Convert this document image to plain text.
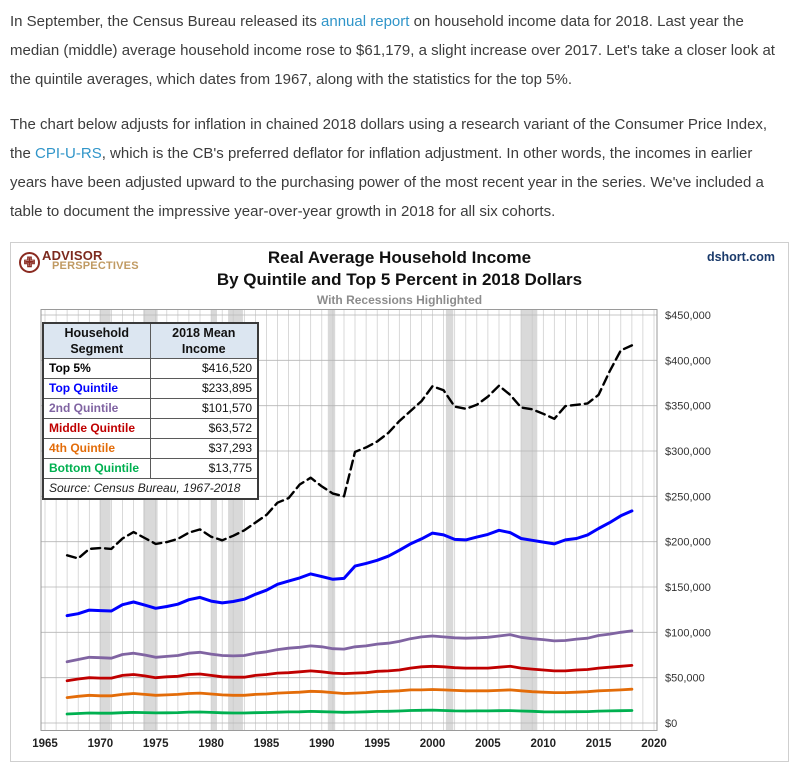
In September, the Census Bureau released its annual report on household income data for 2018. Last year the median (middle) average household income rose to $61,179, a slight increase over 2017. Let's take a closer look at the quintile averages, which dates from 1967, along with the statistics for the top 5%.

The chart below adjusts for inflation in chained 2018 dollars using a research variant of the Consumer Price Index, the CPI-U-RS, which is the CB's preferred deflator for inflation adjustment. In other words, the incomes in earlier years have been adjusted upward to the purchasing power of the most recent year in the series. We've included a table to document the impressive year-over-year growth in 2018 for all six cohorts.

✙ ADVISOR
PERSPECTIVES
dshort.com
Real Average Household Income
By Quintile and Top 5 Percent in 2018 Dollars
With Recessions Highlighted
$0
$50,000
$100,000
$150,000
$200,000
$250,000
$300,000
$350,000
$400,000
$450,000
1965	1970	1975	1980	1985	1990	1995	2000	2005	2010	2015	2020
Household
Segment	2018 Mean
Income
Top 5%	$416,520
Top Quintile	$233,895
2nd Quintile	$101,570
Middle Quintile	$63,572
4th Quintile	$37,293
Bottom Quintile	$13,775
Source: Census Bureau, 1967-2018	
